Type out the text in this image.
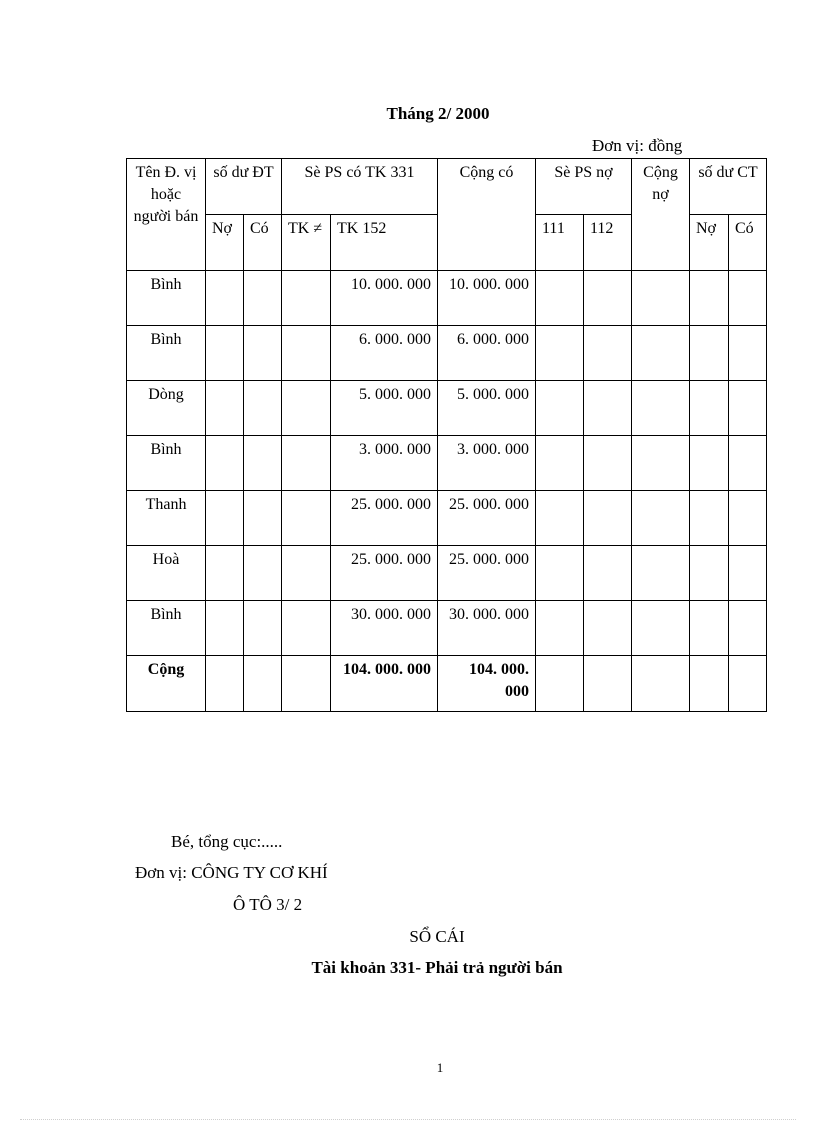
Tháng 2/ 2000
Đơn vị: đồng
Tên Đ. vị hoặc người bán	số dư ĐT		Sè PS có TK 331		Cộng có	Sè PS nợ		Cộng nợ	số dư CT	
	Nợ	Có	TK ≠	TK 152		111	112		Nợ	Có
Bình				10. 000. 000	10. 000. 000					
Bình				6. 000. 000	6. 000. 000					
Dòng				5. 000. 000	5. 000. 000					
Bình				3. 000. 000	3. 000. 000					
Thanh				25. 000. 000	25. 000. 000					
Hoà				25. 000. 000	25. 000. 000					
Bình				30. 000. 000	30. 000. 000					
Cộng				104. 000. 000	104. 000. 000					
Bé, tổng cục:.....
Đơn vị: CÔNG TY CƠ KHÍ
Ô TÔ 3/ 2
SỔ CÁI
Tài khoản 331- Phải trả người bán
1
